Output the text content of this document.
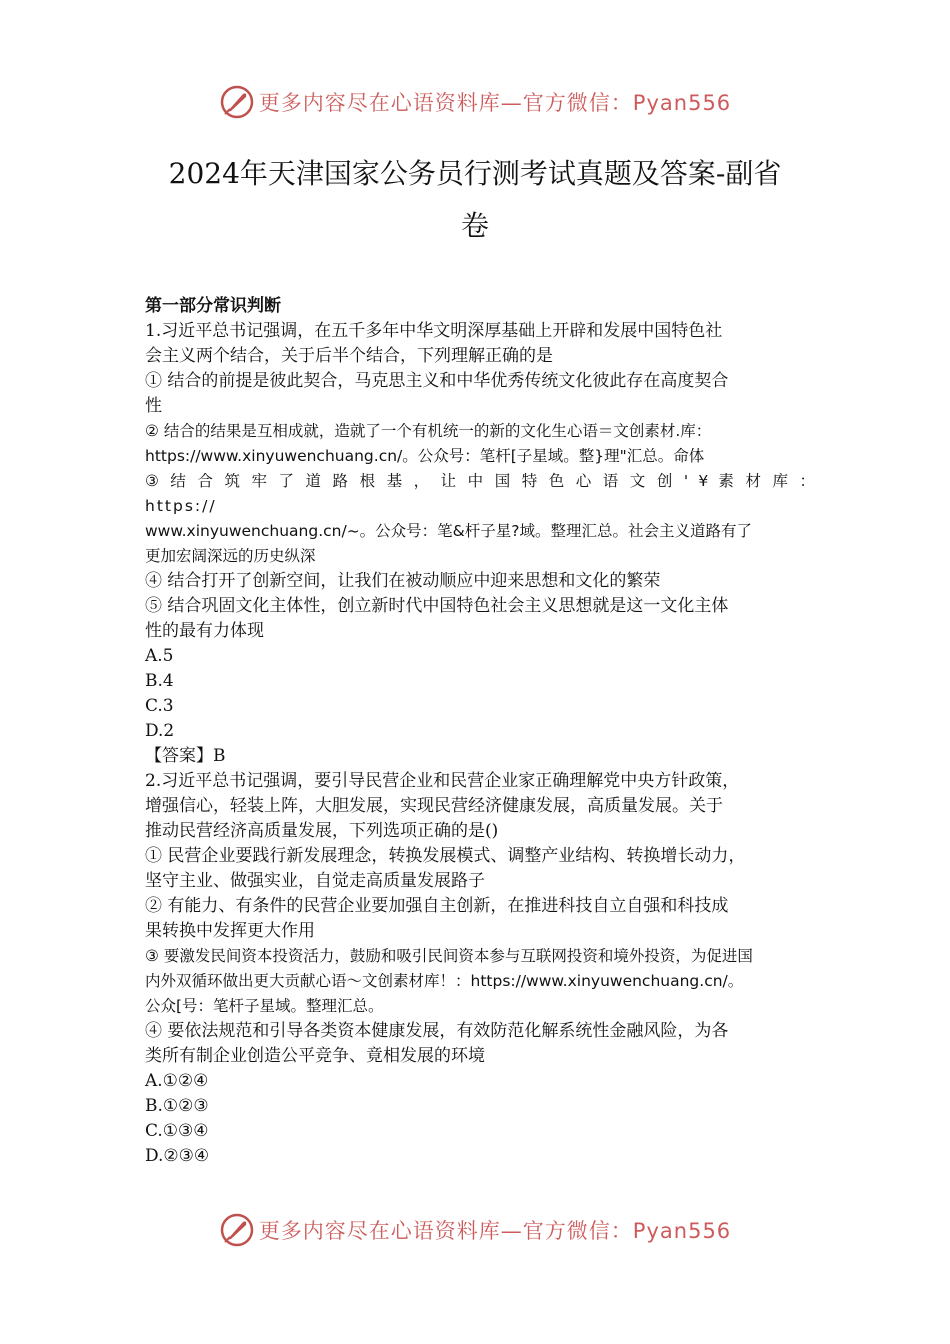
更多内容尽在心语资料库—官方微信：Pyan556
2024年天津国家公务员行测考试真题及答案-副省
卷

第一部分常识判断

1.习近平总书记强调，在五千多年中华文明深厚基础上开辟和发展中国特色社

会主义两个结合，关于后半个结合，下列理解正确的是

① 结合的前提是彼此契合，马克思主义和中华优秀传统文化彼此存在高度契合

性

② 结合的结果是互相成就，造就了一个有机统一的新的文化生心语＝文创素材.库：

https://www.xinyuwenchuang.cn/。公众号：笔杆[子星域。整}理"汇总。命体

③ 结 合 筑 牢 了 道 路 根 基 ， 让 中 国 特 色 心 语 文 创 ' ¥ 素 材 库 ： https://

www.xinyuwenchuang.cn/~。公众号：笔&杆子星?域。整理汇总。社会主义道路有了

更加宏阔深远的历史纵深

④ 结合打开了创新空间，让我们在被动顺应中迎来思想和文化的繁荣

⑤ 结合巩固文化主体性，创立新时代中国特色社会主义思想就是这一文化主体

性的最有力体现

A.5

B.4

C.3

D.2

【答案】B

2.习近平总书记强调，要引导民营企业和民营企业家正确理解党中央方针政策，

增强信心，轻装上阵，大胆发展，实现民营经济健康发展，高质量发展。关于

推动民营经济高质量发展，下列选项正确的是()

① 民营企业要践行新发展理念，转换发展模式、调整产业结构、转换增长动力，

坚守主业、做强实业，自觉走高质量发展路子

② 有能力、有条件的民营企业要加强自主创新，在推进科技自立自强和科技成

果转换中发挥更大作用

③ 要激发民间资本投资活力，鼓励和吸引民间资本参与互联网投资和境外投资，为促进国

内外双循环做出更大贡献心语～文创素材库！：https://www.xinyuwenchuang.cn/。

公众[号：笔杆子星域。整理汇总。

④ 要依法规范和引导各类资本健康发展，有效防范化解系统性金融风险，为各

类所有制企业创造公平竞争、竟相发展的环境

A.①②④

B.①②③

C.①③④

D.②③④

更多内容尽在心语资料库—官方微信：Pyan556
